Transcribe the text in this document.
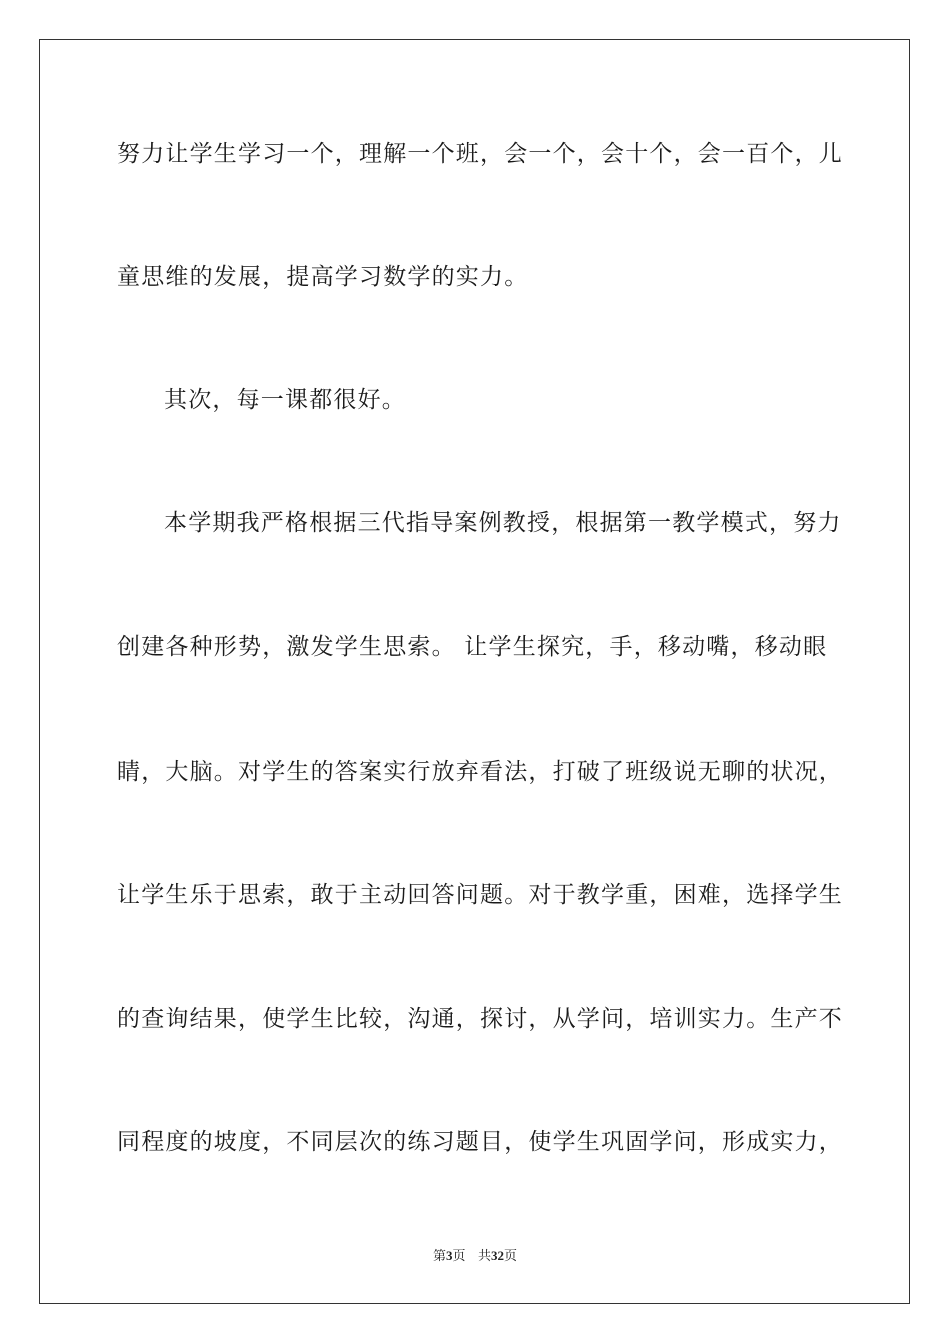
努力让学生学习一个，理解一个班，会一个，会十个，会一百个，儿
童思维的发展，提高学习数学的实力。
其次，每一课都很好。
本学期我严格根据三代指导案例教授，根据第一教学模式，努力
创建各种形势，激发学生思索。 让学生探究，手，移动嘴，移动眼
睛，大脑。对学生的答案实行放弃看法，打破了班级说无聊的状况，
让学生乐于思索，敢于主动回答问题。对于教学重，困难，选择学生
的查询结果，使学生比较，沟通，探讨，从学问，培训实力。生产不
同程度的坡度，不同层次的练习题目，使学生巩固学问，形成实力，
第3页 共32页
